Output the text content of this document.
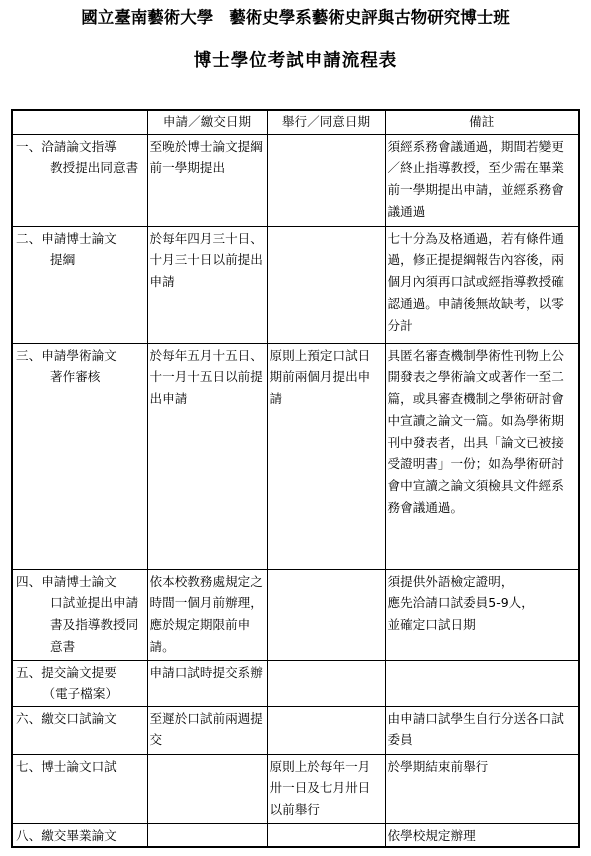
國立臺南藝術大學 藝術史學系藝術史評與古物研究博士班
博士學位考試申請流程表
	申請／繳交日期	舉行／同意日期	備註
一、洽請論文指導
教授提出同意書	至晚於博士論文提綱前一學期提出		須經系務會議通過，期間若變更／終止指導教授，至少需在畢業前一學期提出申請，並經系務會議通過
二、申請博士論文
提綱	於每年四月三十日、十月三十日以前提出申請		七十分為及格通過，若有條件通過，修正提提綱報告內容後，兩個月內須再口試或經指導教授確認通過。申請後無故缺考，以零分計
三、申請學術論文
著作審核	於每年五月十五日、十一月十五日以前提出申請	原則上預定口試日期前兩個月提出申請	具匿名審查機制學術性刊物上公開發表之學術論文或著作一至二篇，或具審查機制之學術研討會中宣讀之論文一篇。如為學術期刊中發表者，出具「論文已被接受證明書」一份；如為學術研討會中宣讀之論文須檢具文件經系務會議通過。
四、申請博士論文
口試並提出申請書及指導教授同意書	依本校教務處規定之時間一個月前辦理，應於規定期限前申請。		須提供外語檢定證明，
應先洽請口試委員5-9人，
並確定口試日期
五、提交論文提要
（電子檔案）	申請口試時提交系辦		
六、繳交口試論文	至遲於口試前兩週提交		由申請口試學生自行分送各口試委員
七、博士論文口試		原則上於每年一月卅一日及七月卅日以前舉行	於學期結束前舉行
八、繳交畢業論文			依學校規定辦理
